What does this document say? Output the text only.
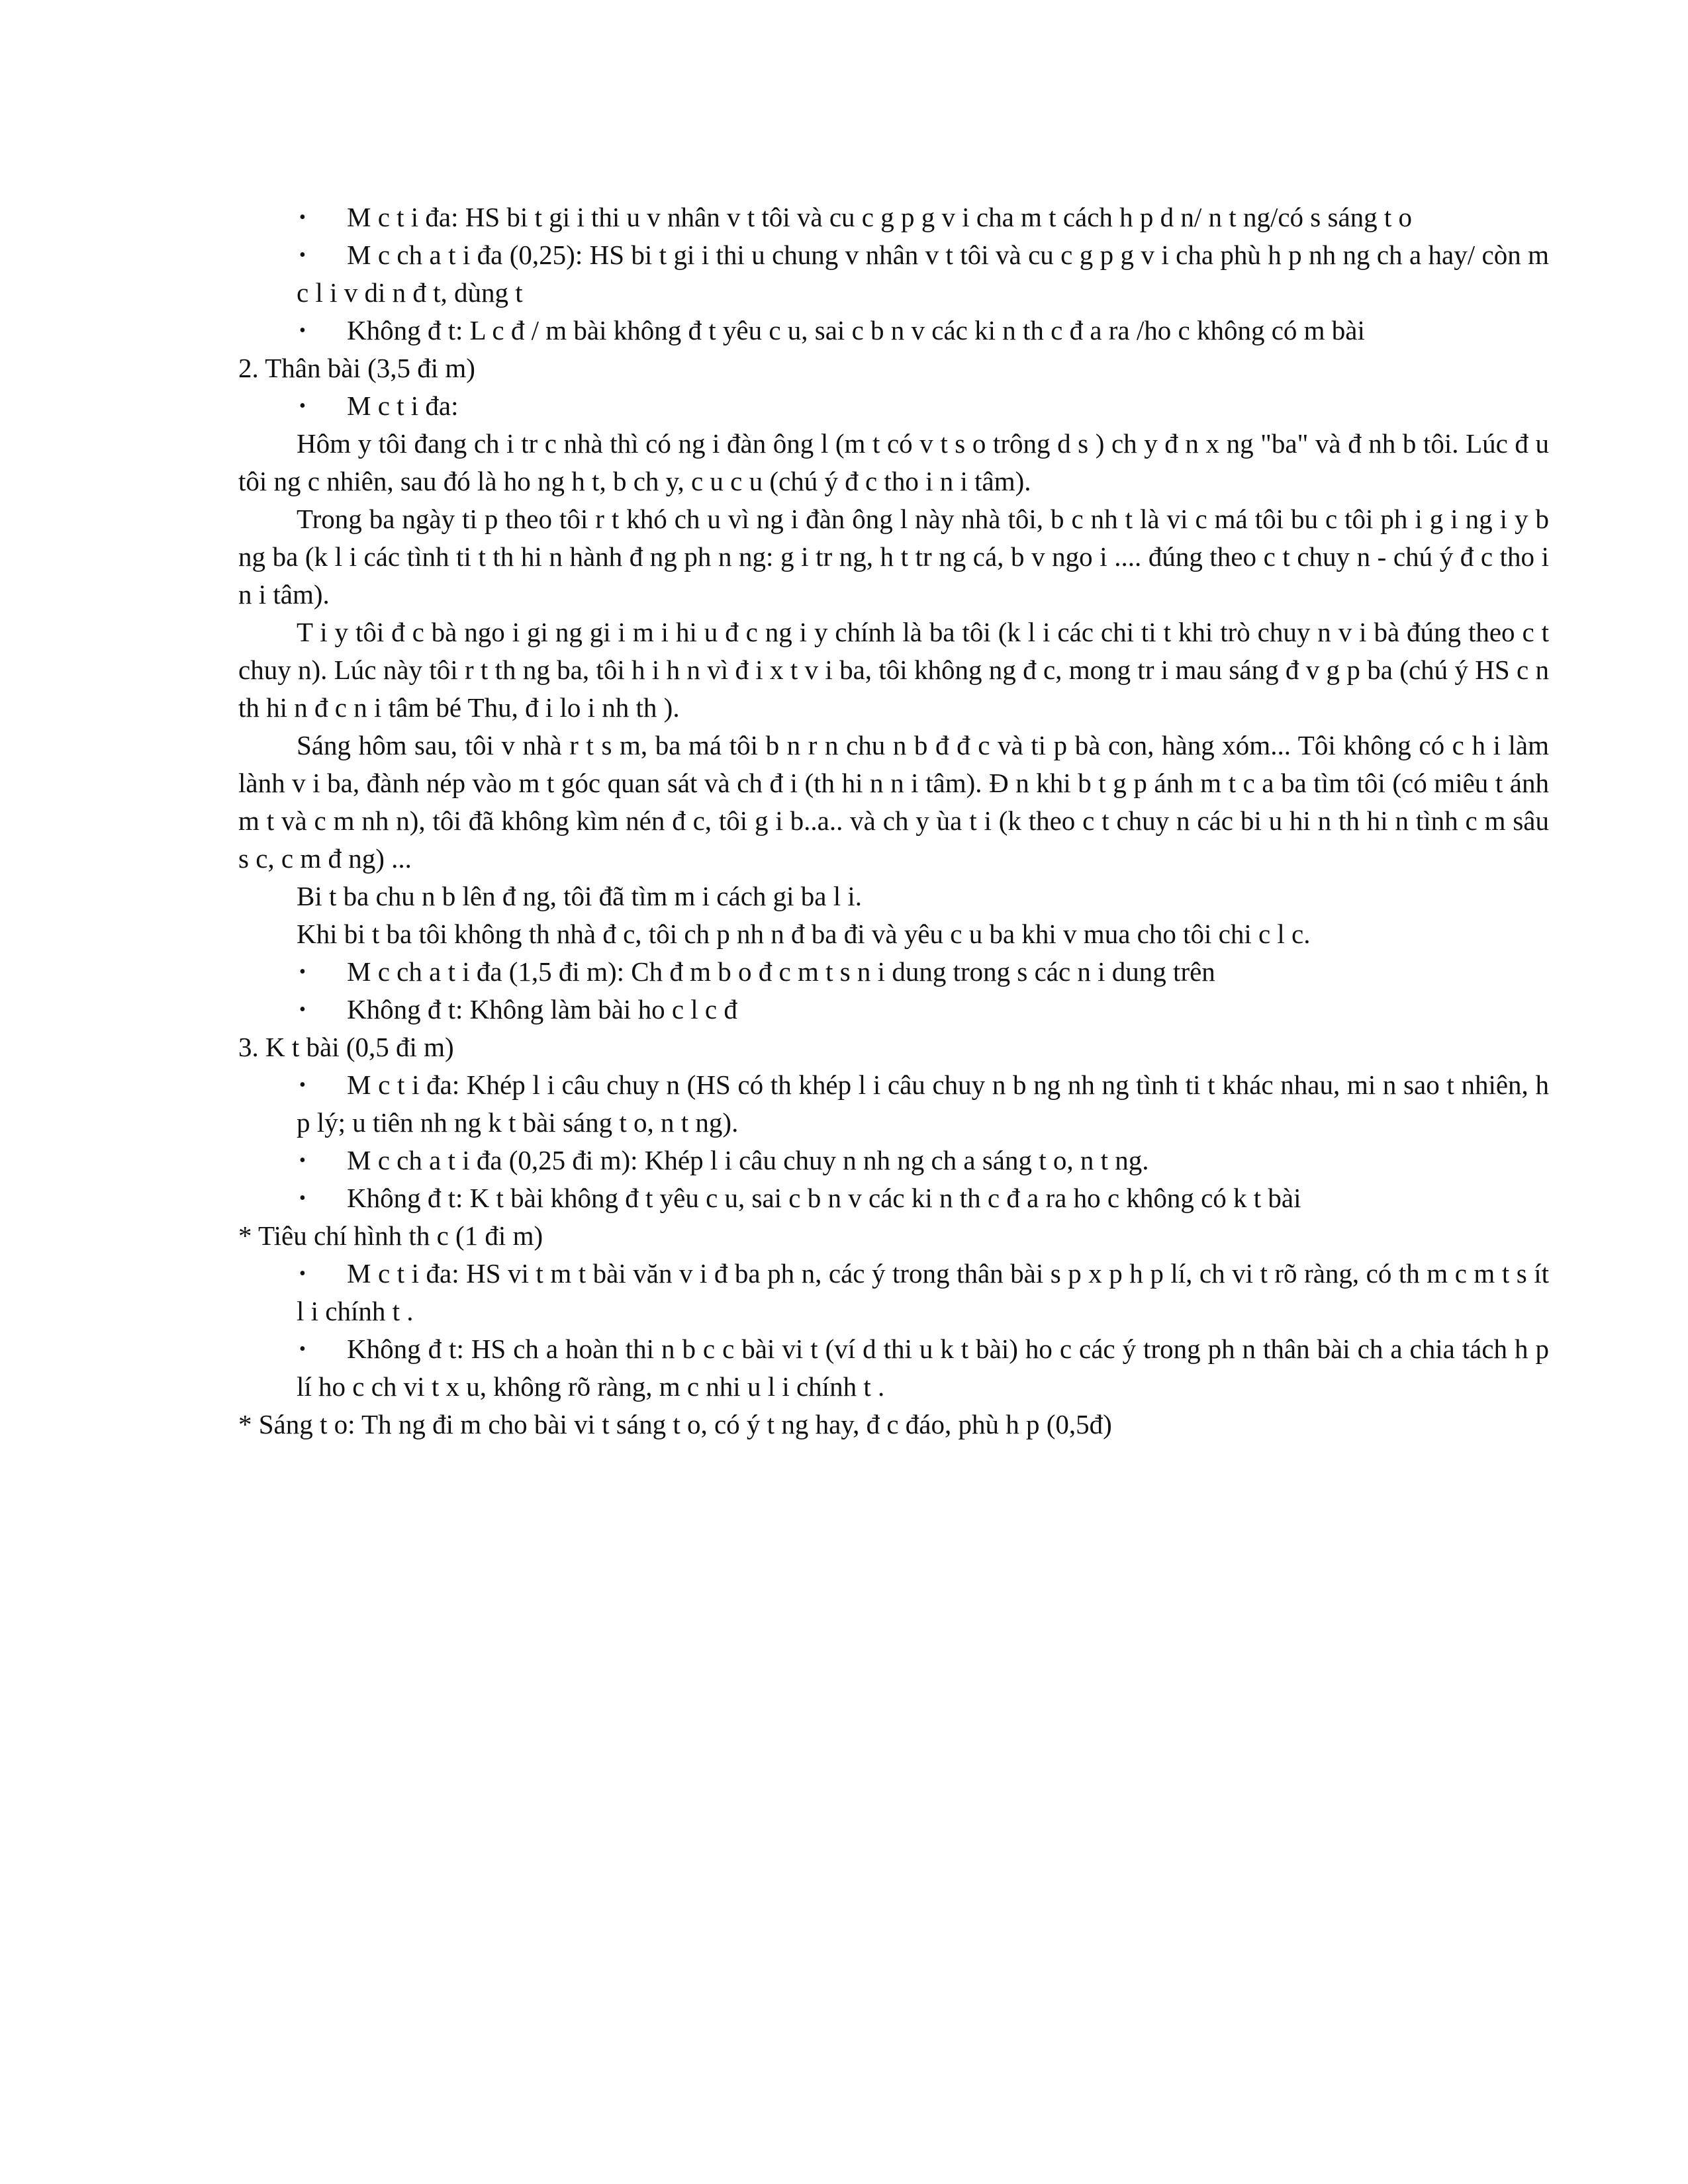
•	M c t i đa: HS bi t gi i thi u v nhân v t tôi và cu c g p g v i cha m t cách h p d n/ n t ng/có s sáng t o
•	M c ch a t i đa (0,25): HS bi t gi i thi u chung v nhân v t tôi và cu c g p g v i cha phù h p nh ng ch a hay/ còn m c l i v di n đ t, dùng t
•	Không đ t: L c đ / m bài không đ t yêu c u, sai c b n v các ki n th c đ a ra /ho c không có m bài
2. Thân bài (3,5 đi m)
•	M c t i đa:
Hôm y tôi đang ch i tr c nhà thì có ng i đàn ông l (m t có v t s o trông d s ) ch y đ n x ng "ba" và đ nh b tôi. Lúc đ u tôi ng c nhiên, sau đó là ho ng h t, b ch y, c u c u (chú ý đ c tho i n i tâm).
Trong ba ngày ti p theo tôi r t khó ch u vì ng i đàn ông l này nhà tôi, b c nh t là vi c má tôi bu c tôi ph i g i ng i y b ng ba (k l i các tình ti t th hi n hành đ ng ph n ng: g i tr ng, h t tr ng cá, b v ngo i .... đúng theo c t chuy n - chú ý đ c tho i n i tâm).
T i y tôi đ c bà ngo i gi ng gi i m i hi u đ c ng i y chính là ba tôi (k l i các chi ti t khi trò chuy n v i bà đúng theo c t chuy n). Lúc này tôi r t th ng ba, tôi h i h n vì đ i x t v i ba, tôi không ng đ c, mong tr i mau sáng đ v g p ba (chú ý HS c n th hi n đ c n i tâm bé Thu, đ i lo i nh th ).
Sáng hôm sau, tôi v nhà r t s m, ba má tôi b n r n chu n b đ đ c và ti p bà con, hàng xóm... Tôi không có c h i làm lành v i ba, đành nép vào m t góc quan sát và ch đ i (th hi n n i tâm). Đ n khi b t g p ánh m t c a ba tìm tôi (có miêu t ánh m t và c m nh n), tôi đã không kìm nén đ c, tôi g i b..a.. và ch y ùa t i (k theo c t chuy n các bi u hi n th hi n tình c m sâu s c, c m đ ng) ...
Bi t ba chu n b lên đ ng, tôi đã tìm m i cách gi ba l i.
Khi bi t ba tôi không th nhà đ c, tôi ch p nh n đ ba đi và yêu c u ba khi v mua cho tôi chi c l c.
•	M c ch a t i đa (1,5 đi m): Ch đ m b o đ c m t s n i dung trong s các n i dung trên
•	Không đ t: Không làm bài ho c l c đ
3. K t bài (0,5 đi m)
•	M c t i đa: Khép l i câu chuy n (HS có th khép l i câu chuy n b ng nh ng tình ti t khác nhau, mi n sao t nhiên, h p lý; u tiên nh ng k t bài sáng t o, n t ng).
•	M c ch a t i đa (0,25 đi m): Khép l i câu chuy n nh ng ch a sáng t o, n t ng.
•	Không đ t: K t bài không đ t yêu c u, sai c b n v các ki n th c đ a ra ho c không có k t bài
* Tiêu chí hình th c (1 đi m)
•	M c t i đa: HS vi t m t bài văn v i đ ba ph n, các ý trong thân bài s p x p h p lí, ch vi t rõ ràng, có th m c m t s ít l i chính t .
•	Không đ t: HS ch a hoàn thi n b c c bài vi t (ví d thi u k t bài) ho c các ý trong ph n thân bài ch a chia tách h p lí ho c ch vi t x u, không rõ ràng, m c nhi u l i chính t .
* Sáng t o: Th ng đi m cho bài vi t sáng t o, có ý t ng hay, đ c đáo, phù h p (0,5đ)
